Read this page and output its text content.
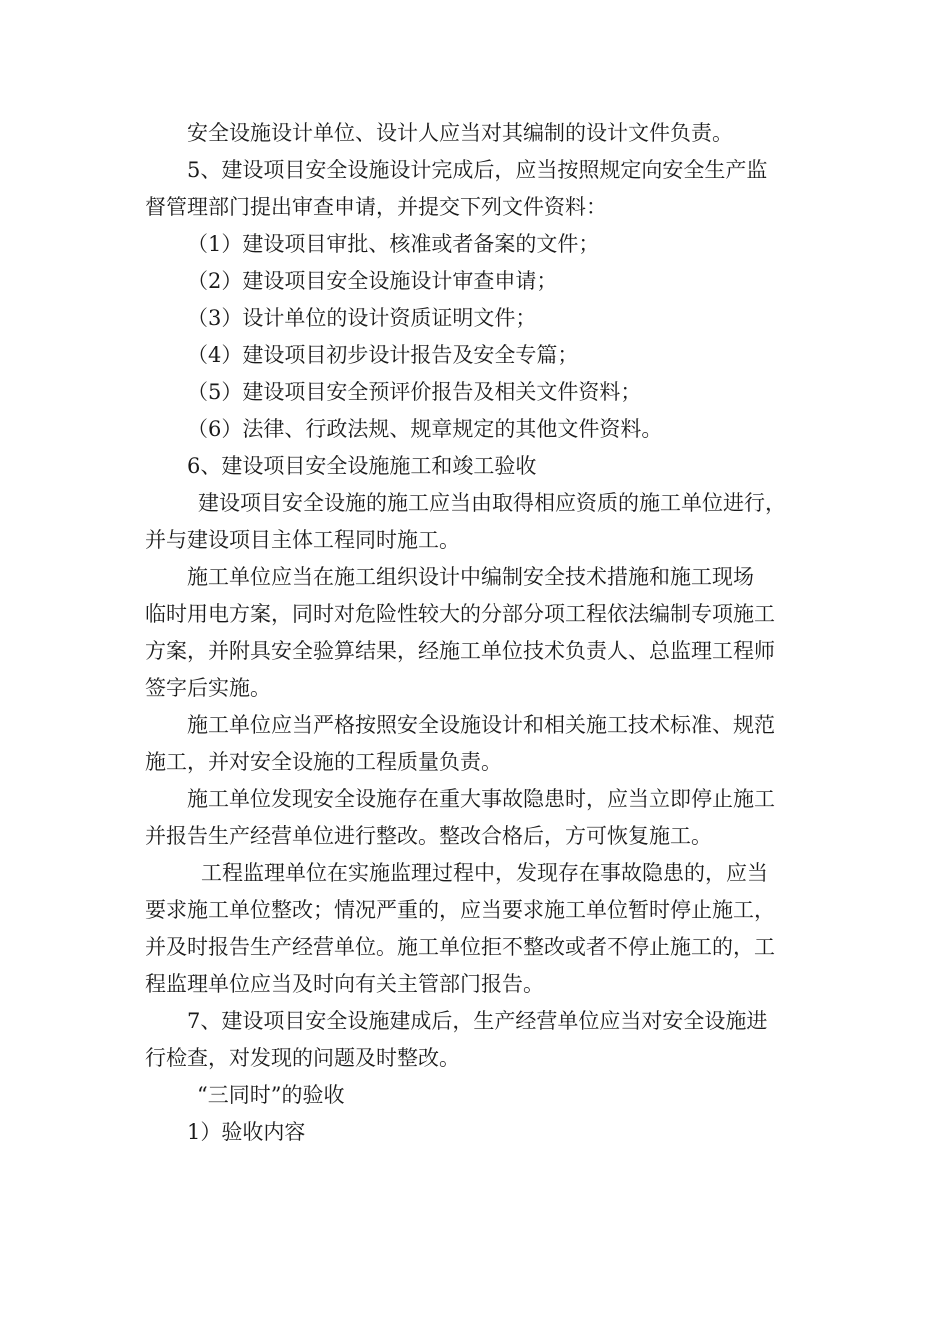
安全设施设计单位、设计人应当对其编制的设计文件负责。

5、建设项目安全设施设计完成后，应当按照规定向安全生产监
督管理部门提出审查申请，并提交下列文件资料：

（1）建设项目审批、核准或者备案的文件；

（2）建设项目安全设施设计审查申请；

（3）设计单位的设计资质证明文件；

（4）建设项目初步设计报告及安全专篇；

（5）建设项目安全预评价报告及相关文件资料；

（6）法律、行政法规、规章规定的其他文件资料。

6、建设项目安全设施施工和竣工验收

建设项目安全设施的施工应当由取得相应资质的施工单位进行，
并与建设项目主体工程同时施工。

施工单位应当在施工组织设计中编制安全技术措施和施工现场
临时用电方案，同时对危险性较大的分部分项工程依法编制专项施工
方案，并附具安全验算结果，经施工单位技术负责人、总监理工程师
签字后实施。

施工单位应当严格按照安全设施设计和相关施工技术标准、规范
施工，并对安全设施的工程质量负责。

施工单位发现安全设施存在重大事故隐患时，应当立即停止施工
并报告生产经营单位进行整改。整改合格后，方可恢复施工。

工程监理单位在实施监理过程中，发现存在事故隐患的，应当
要求施工单位整改；情况严重的，应当要求施工单位暂时停止施工，
并及时报告生产经营单位。施工单位拒不整改或者不停止施工的，工
程监理单位应当及时向有关主管部门报告。

7、建设项目安全设施建成后，生产经营单位应当对安全设施进
行检查，对发现的问题及时整改。

“三同时”的验收

1）验收内容
